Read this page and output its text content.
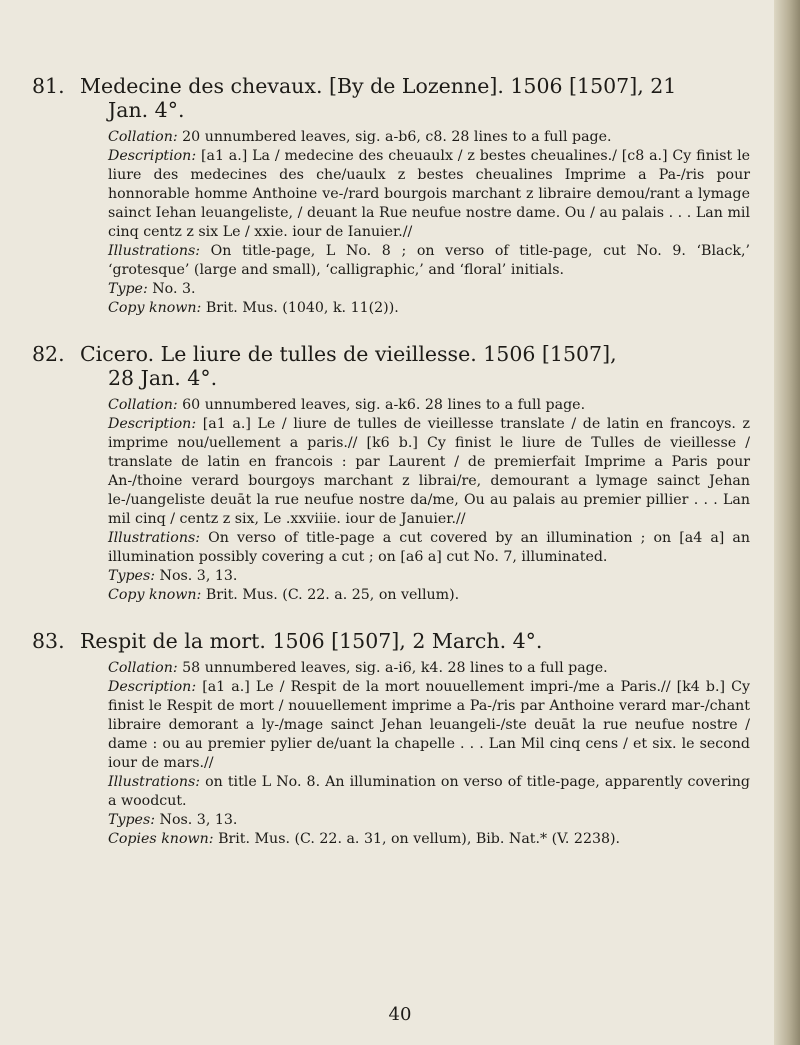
81. Medecine des chevaux. [By de Lozenne]. 1506 [1507], 21
Jan. 4°.

Collation: 20 unnumbered leaves, sig. a-b6, c8. 28 lines to a full page.

Description: [a1 a.] La / medecine des cheuaulx / z bestes cheualines./ [c8 a.] Cy finist le liure des medecines des che/uaulx z bestes cheualines Imprime a Pa-/ris pour honnorable homme Anthoine ve-/rard bourgois marchant z libraire demou/rant a lymage sainct Iehan leuangeliste, / deuant la Rue neufue nostre dame. Ou / au palais . . . Lan mil cinq centz z six Le / xxie. iour de Ianuier.//

Illustrations: On title-page, L No. 8 ; on verso of title-page, cut No. 9. ‘Black,’ ‘grotesque’ (large and small), ‘calligraphic,’ and ‘floral’ initials.

Type: No. 3.

Copy known: Brit. Mus. (1040, k. 11(2)).

82. Cicero. Le liure de tulles de vieillesse. 1506 [1507],
28 Jan. 4°.

Collation: 60 unnumbered leaves, sig. a-k6. 28 lines to a full page.

Description: [a1 a.] Le / liure de tulles de vieillesse translate / de latin en francoys. z imprime nou/uellement a paris.// [k6 b.] Cy finist le liure de Tulles de vieillesse / translate de latin en francois : par Laurent / de premierfait Imprime a Paris pour An-/thoine verard bourgoys marchant z librai/re, demourant a lymage sainct Jehan le-/uangeliste deuāt la rue neufue nostre da/me, Ou au palais au premier pillier . . . Lan mil cinq / centz z six, Le .xxviiie. iour de Januier.//

Illustrations: On verso of title-page a cut covered by an illumination ; on [a4 a] an illumination possibly covering a cut ; on [a6 a] cut No. 7, illuminated.

Types: Nos. 3, 13.

Copy known: Brit. Mus. (C. 22. a. 25, on vellum).

83. Respit de la mort. 1506 [1507], 2 March. 4°.

Collation: 58 unnumbered leaves, sig. a-i6, k4. 28 lines to a full page.

Description: [a1 a.] Le / Respit de la mort nouuellement impri-/me a Paris.// [k4 b.] Cy finist le Respit de mort / nouuellement imprime a Pa-/ris par Anthoine verard mar-/chant libraire demorant a ly-/mage sainct Jehan leuangeli-/ste deuāt la rue neufue nostre / dame : ou au premier pylier de/uant la chapelle . . . Lan Mil cinq cens / et six. le second iour de mars.//

Illustrations: on title L No. 8. An illumination on verso of title-page, apparently covering a woodcut.

Types: Nos. 3, 13.

Copies known: Brit. Mus. (C. 22. a. 31, on vellum), Bib. Nat.* (V. 2238).

40
